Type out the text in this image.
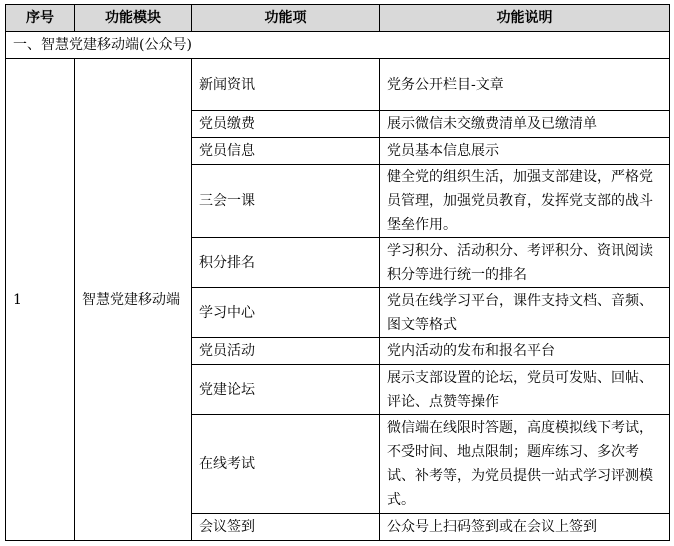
序号	功能模块	功能项	功能说明
一、智慧党建移动端(公众号)			
1	智慧党建移动端	新闻资讯	党务公开栏目-文章
		党员缴费	展示微信未交缴费清单及已缴清单
		党员信息	党员基本信息展示
		三会一课	健全党的组织生活，加强支部建设，严格党员管理，加强党员教育，发挥党支部的战斗堡垒作用。
		积分排名	学习积分、活动积分、考评积分、资讯阅读积分等进行统一的排名
		学习中心	党员在线学习平台，课件支持文档、音频、图文等格式
		党员活动	党内活动的发布和报名平台
		党建论坛	展示支部设置的论坛，党员可发贴、回帖、评论、点赞等操作
		在线考试	微信端在线限时答题，高度模拟线下考试，不受时间、地点限制；题库练习、多次考试、补考等，为党员提供一站式学习评测模式。
		会议签到	公众号上扫码签到或在会议上签到
